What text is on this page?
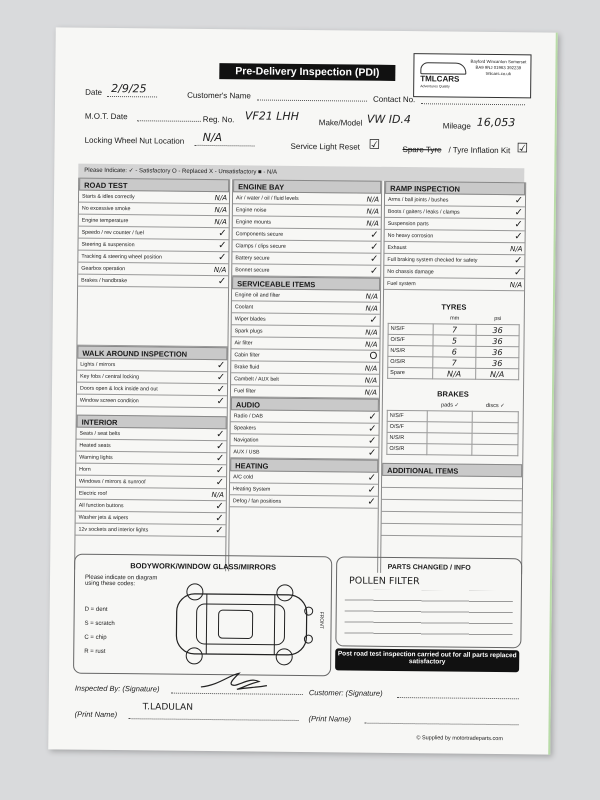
Pre-Delivery Inspection (PDI)
TMLCARS
Adventures Quality
Bayford Wincanton Somerset BA9 9NJ 01963 392239 tmlcars.co.uk
Date 2/9/25
Customer's Name	Contact No.
M.O.T. Date	Reg. No. VF21 LHH Make/Model VW ID.4	Mileage 16,053
Locking Wheel Nut Location N/A
Service Light Reset ☑	Spare Tyre / Tyre Inflation Kit ☑
Please Indicate: ✓ - Satisfactory O - Replaced X - Unsatisfactory ■ - N/A
ROAD TEST
Starts & idles correctly	N/A
No excessive smoke	N/A
Engine temperature	N/A
Speedo / rev counter / fuel	✓
Steering & suspension	✓
Tracking & steering wheel position	✓
Gearbox operation	N/A
Brakes / handbrake	✓
WALK AROUND INSPECTION
Lights / mirrors	✓
Key fobs / central locking	✓
Doors open & lock inside and out	✓
Window screen condition	✓
INTERIOR
Seats / seat belts	✓
Heated seats	✓
Warning lights	✓
Horn	✓
Windows / mirrors & sunroof	✓
Electric roof	N/A
All function buttons	✓
Washer jets & wipers	✓
12v sockets and interior lights	✓
ENGINE BAY
Air / water / oil / fluid levels	N/A
Engine noise	N/A
Engine mounts	N/A
Components secure	✓
Clamps / clips secure	✓
Battery secure	✓
Bonnet secure	✓
SERVICEABLE ITEMS
Engine oil and filter	N/A
Coolant	N/A
Wiper blades	✓
Spark plugs	N/A
Air filter	N/A
Cabin filter	O
Brake fluid	N/A
Cambelt / AUX belt	N/A
Fuel filter	N/A
AUDIO
Radio / DAB	✓
Speakers	✓
Navigation	✓
AUX / USB	✓
HEATING
A/C cold	✓
Heating System	✓
Defog / fan positions	✓
RAMP INSPECTION
Arms / ball joints / bushes	✓
Boots / gaiters / leaks / clamps	✓
Suspension parts	✓
No heavy corrosion	✓
Exhaust	N/A
Full braking system checked for safety	✓
No chassis damage	✓
Fuel system	N/A
TYRES
	mm	psi
N/S/F	7	36
O/S/F	5	36
N/S/R	6	36
O/S/R	7	36
Spare	N/A	N/A
BRAKES
	pads ✓	discs ✓
N/S/F		
O/S/F		
N/S/R		
O/S/R		
ADDITIONAL ITEMS
BODYWORK/WINDOW GLASS/MIRRORS
Please indicate on diagram using these codes:
D = dent
S = scratch
C = chip
R = rust
FRONT
PARTS CHANGED / INFO
POLLEN FILTER
Post road test inspection carried out for all parts replaced satisfactory
Inspected By: (Signature)	Customer: (Signature)
(Print Name)
T.LADULAN
(Print Name)
© Supplied by motortradeparts.com
